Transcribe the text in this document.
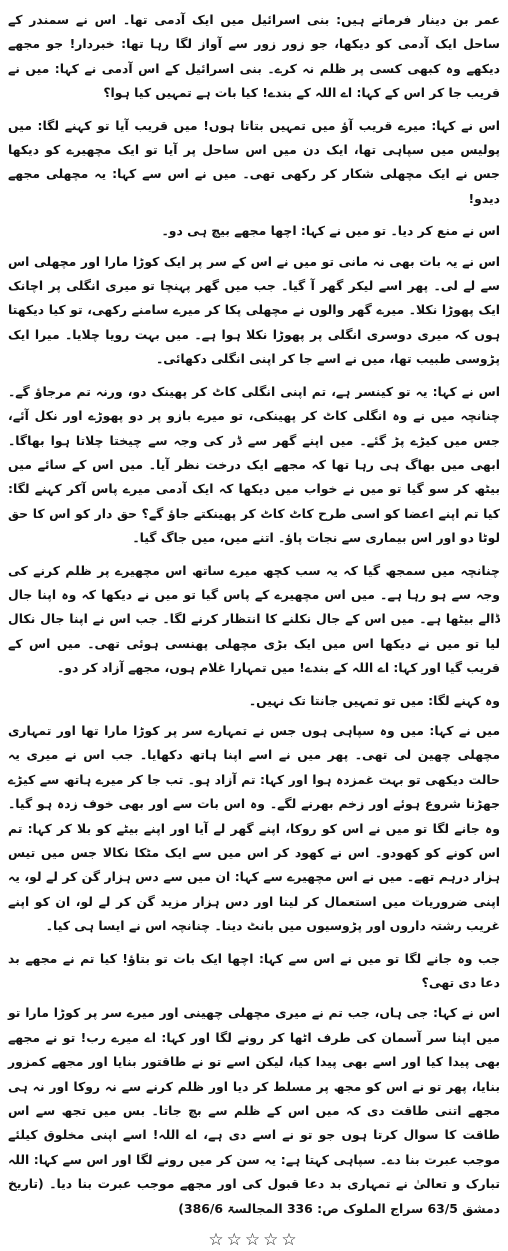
عمر بن دینار فرماتے ہیں: بنی اسرائیل میں ایک آدمی تھا۔ اس نے سمندر کے ساحل ایک آدمی کو دیکھا، جو زور زور سے آواز لگا رہا تھا: خبردار! جو مجھے دیکھے وہ کبھی کسی پر ظلم نہ کرے۔ بنی اسرائیل کے اس آدمی نے کہا: میں نے قریب جا کر اس کے کہا: اے اللہ کے بندے! کیا بات ہے تمہیں کیا ہوا؟

اس نے کہا: میرے قریب آؤ میں تمہیں بتاتا ہوں! میں قریب آیا تو کہنے لگا: میں پولیس میں سپاہی تھا، ایک دن میں اس ساحل پر آیا تو ایک مچھیرے کو دیکھا جس نے ایک مچھلی شکار کر رکھی تھی۔ میں نے اس سے کہا: یہ مچھلی مجھے دیدو!

اس نے منع کر دیا۔ تو میں نے کہا: اچھا مجھے بیچ ہی دو۔

اس نے یہ بات بھی نہ مانی تو میں نے اس کے سر پر ایک کوڑا مارا اور مچھلی اس سے لے لی۔ پھر اسے لیکر گھر آ گیا۔ جب میں گھر پہنچا تو میری انگلی پر اچانک ایک پھوڑا نکلا۔ میرے گھر والوں نے مچھلی پکا کر میرے سامنے رکھی، تو کیا دیکھتا ہوں کہ میری دوسری انگلی پر پھوڑا نکلا ہوا ہے۔ میں بہت رویا چلایا۔ میرا ایک پڑوسی طبیب تھا، میں نے اسے جا کر اپنی انگلی دکھائی۔

اس نے کہا: یہ تو کینسر ہے، تم اپنی انگلی کاٹ کر پھینک دو، ورنہ تم مرجاؤ گے۔ چنانچہ میں نے وہ انگلی کاٹ کر پھینکی، تو میرے بازو پر دو پھوڑے اور نکل آئے، جس میں کیڑے پڑ گئے۔ میں اپنے گھر سے ڈر کی وجہ سے چیختا چلاتا ہوا بھاگا۔ ابھی میں بھاگ ہی رہا تھا کہ مجھے ایک درخت نظر آیا۔ میں اس کے سائے میں بیٹھ کر سو گیا تو میں نے خواب میں دیکھا کہ ایک آدمی میرے پاس آکر کہنے لگا: کیا تم اپنے اعضا کو اسی طرح کاٹ کاٹ کر پھینکتے جاؤ گے؟ حق دار کو اس کا حق لوٹا دو اور اس بیماری سے نجات پاؤ۔ اتنے میں، میں جاگ گیا۔

چنانچہ میں سمجھ گیا کہ یہ سب کچھ میرے ساتھ اس مچھیرے پر ظلم کرنے کی وجہ سے ہو رہا ہے۔ میں اس مچھیرے کے پاس گیا تو میں نے دیکھا کہ وہ اپنا جال ڈالے بیٹھا ہے۔ میں اس کے جال نکلنے کا انتظار کرنے لگا۔ جب اس نے اپنا جال نکال لیا تو میں نے دیکھا اس میں ایک بڑی مچھلی پھنسی ہوئی تھی۔ میں اس کے قریب گیا اور کہا: اے اللہ کے بندے! میں تمہارا غلام ہوں، مجھے آزاد کر دو۔

وہ کہنے لگا: میں تو تمہیں جانتا تک نہیں۔

میں نے کہا: میں وہ سپاہی ہوں جس نے تمہارے سر پر کوڑا مارا تھا اور تمہاری مچھلی چھین لی تھی۔ پھر میں نے اسے اپنا ہاتھ دکھایا۔ جب اس نے میری یہ حالت دیکھی تو بہت غمزدہ ہوا اور کہا: تم آزاد ہو۔ تب جا کر میرے ہاتھ سے کیڑے جھڑنا شروع ہوئے اور زخم بھرنے لگے۔ وہ اس بات سے اور بھی خوف زدہ ہو گیا۔ وہ جانے لگا تو میں نے اس کو روکا، اپنے گھر لے آیا اور اپنے بیٹے کو بلا کر کہا: تم اس کونے کو کھودو۔ اس نے کھود کر اس میں سے ایک مٹکا نکالا جس میں تیس ہزار درہم تھے۔ میں نے اس مچھیرے سے کہا: ان میں سے دس ہزار گن کر لے لو، یہ اپنی ضروریات میں استعمال کر لینا اور دس ہزار مزید گن کر لے لو، ان کو اپنے غریب رشتہ داروں اور پڑوسیوں میں بانٹ دینا۔ چنانچہ اس نے ایسا ہی کیا۔

جب وہ جانے لگا تو میں نے اس سے کہا: اچھا ایک بات تو بتاؤ! کیا تم نے مجھے بد دعا دی تھی؟

اس نے کہا: جی ہاں، جب تم نے میری مچھلی چھینی اور میرے سر پر کوڑا مارا تو میں اپنا سر آسمان کی طرف اٹھا کر رونے لگا اور کہا: اے میرے رب! تو نے مجھے بھی پیدا کیا اور اسے بھی پیدا کیا، لیکن اسے تو نے طاقتور بنایا اور مجھے کمزور بنایا، پھر تو نے اس کو مجھ پر مسلط کر دیا اور ظلم کرنے سے نہ روکا اور نہ ہی مجھے اتنی طاقت دی کہ میں اس کے ظلم سے بچ جاتا۔ بس میں تجھ سے اس طاقت کا سوال کرتا ہوں جو تو نے اسے دی ہے، اے اللہ! اسے اپنی مخلوق کیلئے موجب عبرت بنا دے۔ سپاہی کہتا ہے: یہ سن کر میں رونے لگا اور اس سے کہا: اللہ تبارک و تعالیٰ نے تمہاری بد دعا قبول کی اور مجھے موجب عبرت بنا دیا۔ (تاریخ دمشق 63/5 سراج الملوک ص: 336 المجالسۃ 386/6)

☆☆☆☆☆
